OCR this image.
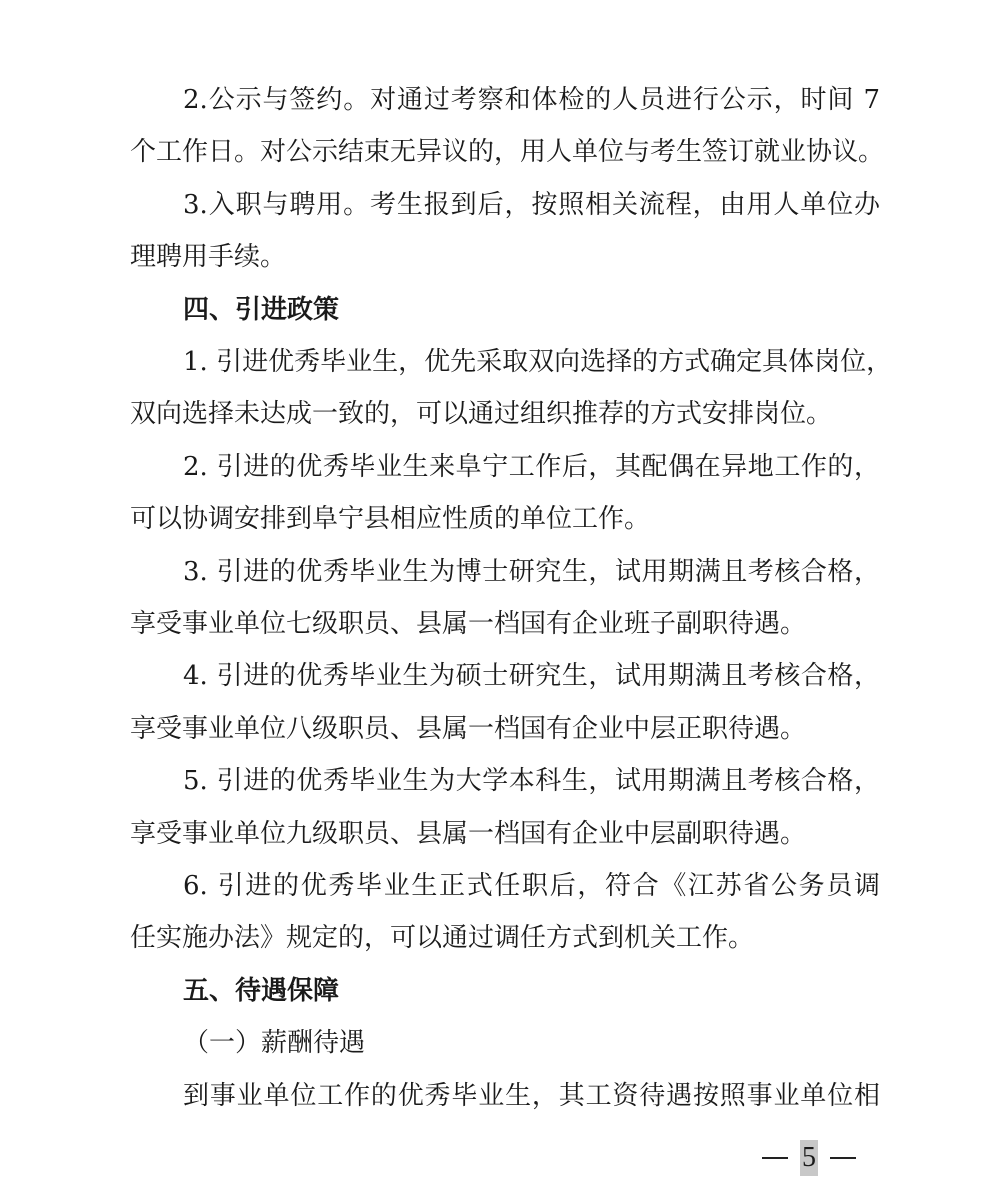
2.公示与签约。对通过考察和体检的人员进行公示，时间 7
个工作日。对公示结束无异议的，用人单位与考生签订就业协议。
3.入职与聘用。考生报到后，按照相关流程，由用人单位办
理聘用手续。
四、引进政策
1. 引进优秀毕业生，优先采取双向选择的方式确定具体岗位，
双向选择未达成一致的，可以通过组织推荐的方式安排岗位。
2. 引进的优秀毕业生来阜宁工作后，其配偶在异地工作的，
可以协调安排到阜宁县相应性质的单位工作。
3. 引进的优秀毕业生为博士研究生，试用期满且考核合格，
享受事业单位七级职员、县属一档国有企业班子副职待遇。
4. 引进的优秀毕业生为硕士研究生，试用期满且考核合格，
享受事业单位八级职员、县属一档国有企业中层正职待遇。
5. 引进的优秀毕业生为大学本科生，试用期满且考核合格，
享受事业单位九级职员、县属一档国有企业中层副职待遇。
6. 引进的优秀毕业生正式任职后，符合《江苏省公务员调
任实施办法》规定的，可以通过调任方式到机关工作。
五、待遇保障
（一）薪酬待遇
到事业单位工作的优秀毕业生，其工资待遇按照事业单位相
5
